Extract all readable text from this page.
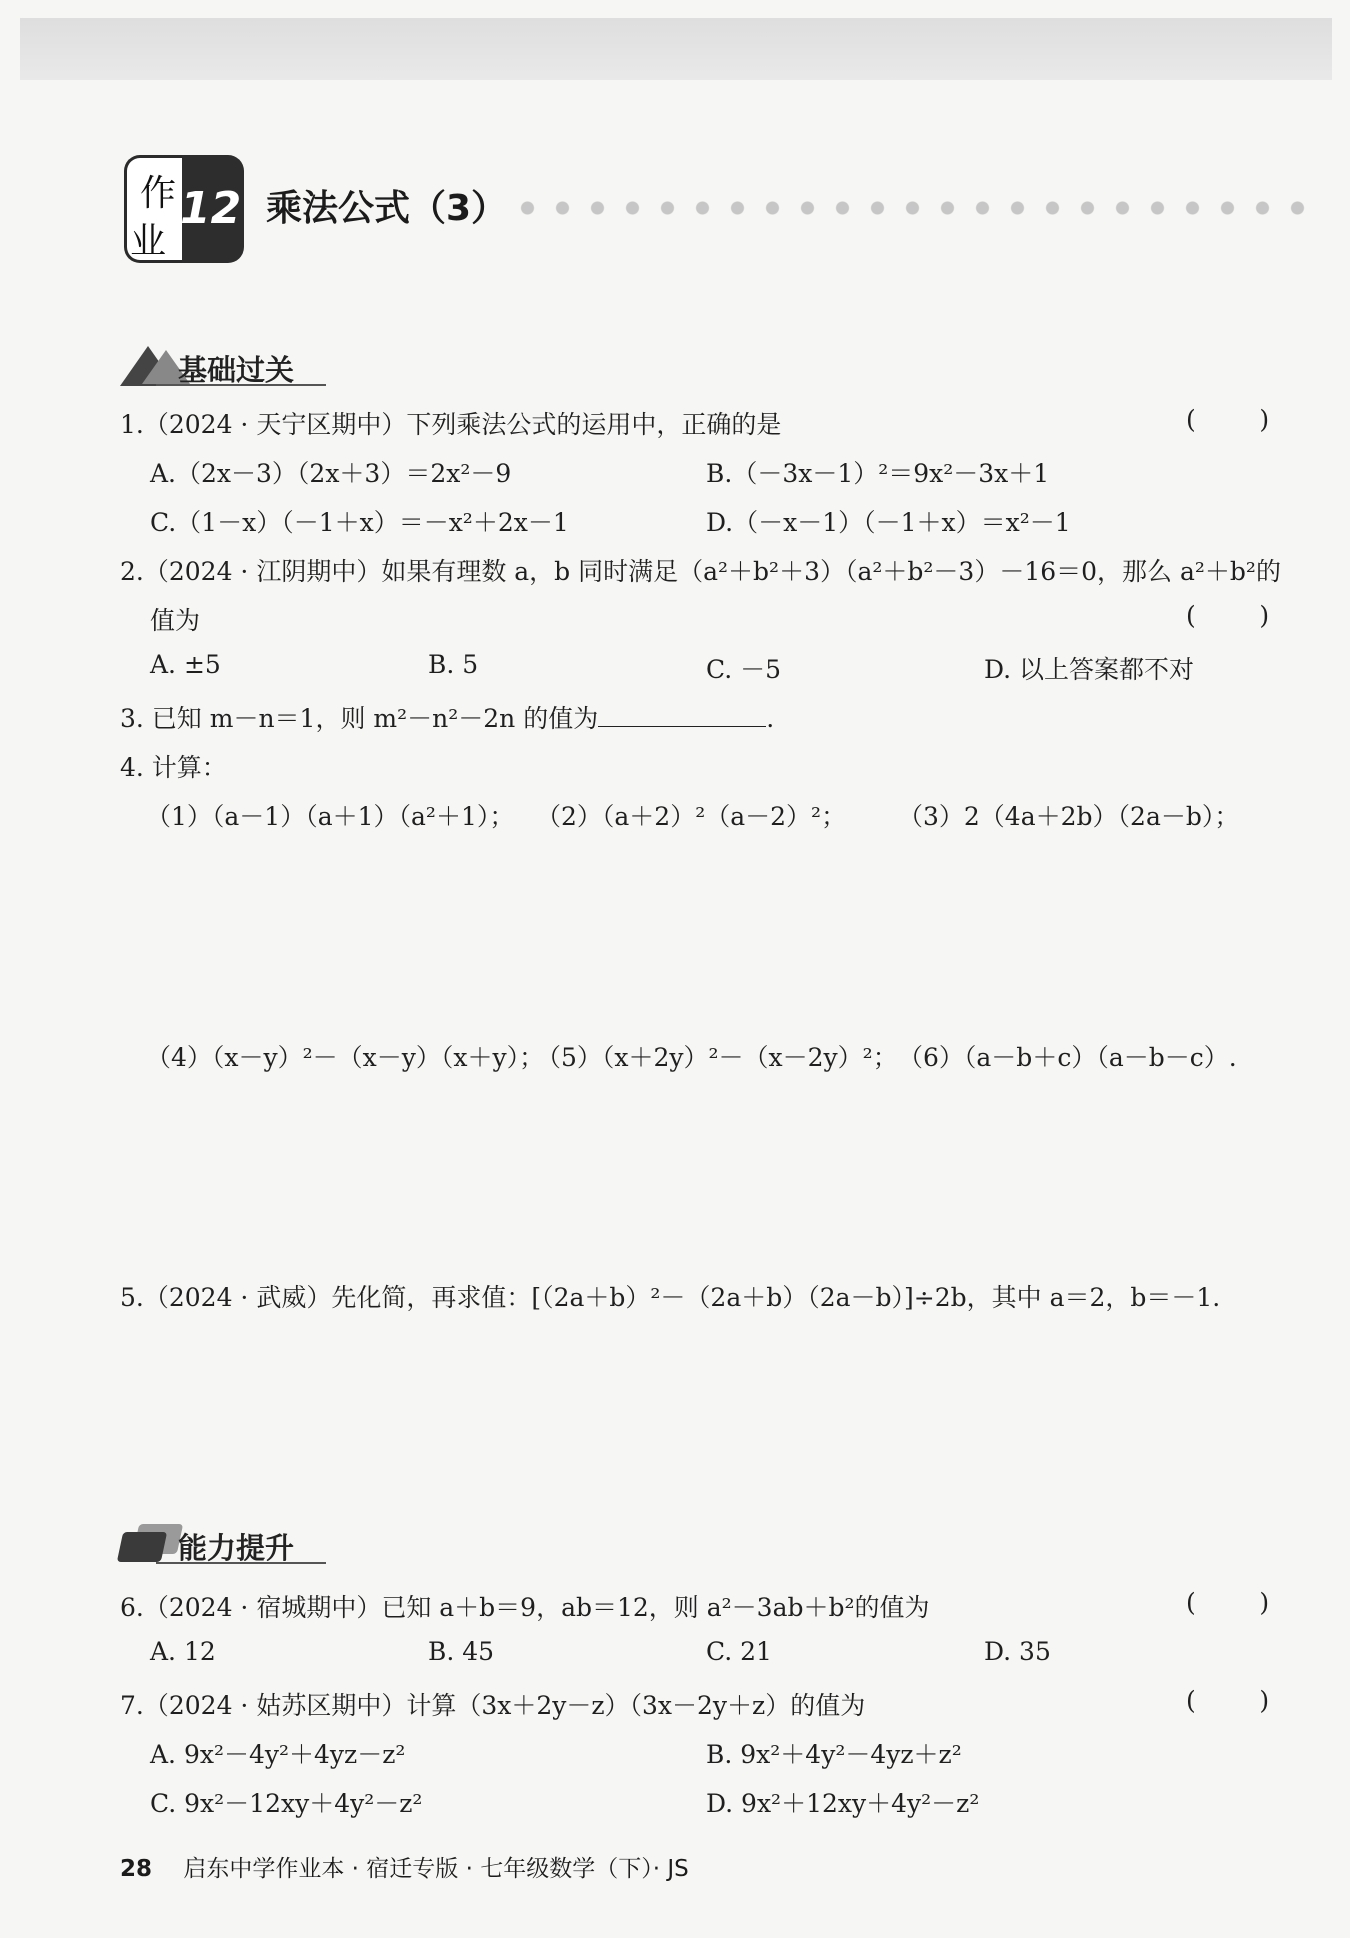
作
业
12 乘法公式（3）
基础过关
1.（2024 · 天宁区期中）下列乘法公式的运用中，正确的是	(        )
A.（2x－3）（2x＋3）＝2x²－9	B.（－3x－1）²＝9x²－3x＋1
C.（1－x）（－1＋x）＝－x²＋2x－1	D.（－x－1）（－1＋x）＝x²－1
2.（2024 · 江阴期中）如果有理数 a，b 同时满足（a²＋b²＋3）（a²＋b²－3）－16＝0，那么 a²＋b²的
值为	(        )
A. ±5	B. 5	C. －5	D. 以上答案都不对
3. 已知 m－n＝1，则 m²－n²－2n 的值为	.
4. 计算：
（1）（a－1）（a＋1）（a²＋1）； （2）（a＋2）²（a－2）²； （3）2（4a＋2b）（2a－b）；
（4）（x－y）²－（x－y）（x＋y）；
（5）（x＋2y）²－（x－2y）²； （6）（a－b＋c）（a－b－c）.
5.（2024 · 武威）先化简，再求值：[（2a＋b）²－（2a＋b）（2a－b）]÷2b，其中 a＝2，b＝－1.
能力提升
6.（2024 · 宿城期中）已知 a＋b＝9，ab＝12，则 a²－3ab＋b²的值为	(        )
A. 12	B. 45	C. 21	D. 35
7.（2024 · 姑苏区期中）计算（3x＋2y－z）（3x－2y＋z）的值为	(        )
A. 9x²－4y²＋4yz－z²	B. 9x²＋4y²－4yz＋z²
C. 9x²－12xy＋4y²－z²	D. 9x²＋12xy＋4y²－z²
28 启东中学作业本 · 宿迁专版 · 七年级数学（下）· JS
